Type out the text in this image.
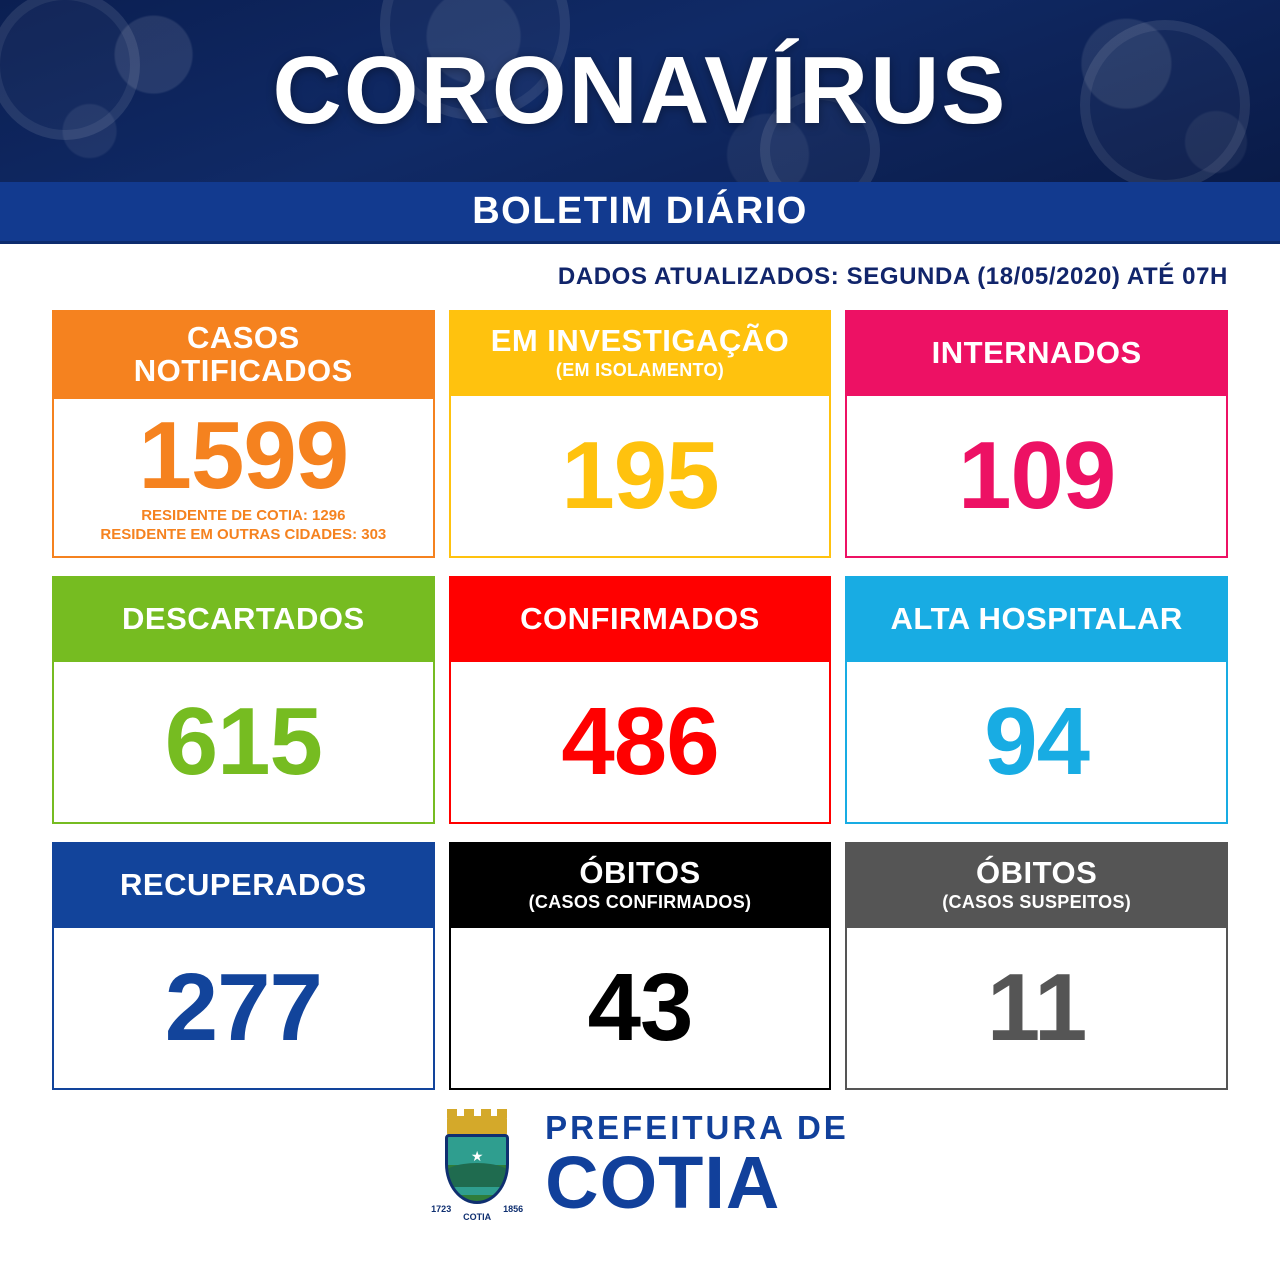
CORONAVÍRUS
BOLETIM DIÁRIO
DADOS ATUALIZADOS: SEGUNDA (18/05/2020) ATÉ 07H
CASOS
NOTIFICADOS
1599
RESIDENTE DE COTIA: 1296
RESIDENTE EM OUTRAS CIDADES: 303
EM INVESTIGAÇÃO
(EM ISOLAMENTO)
195
INTERNADOS
109
DESCARTADOS
615
CONFIRMADOS
486
ALTA HOSPITALAR
94
RECUPERADOS
277
ÓBITOS
(CASOS CONFIRMADOS)
43
ÓBITOS
(CASOS SUSPEITOS)
11
★
1723	1856
COTIA
PREFEITURA DE
COTIA
